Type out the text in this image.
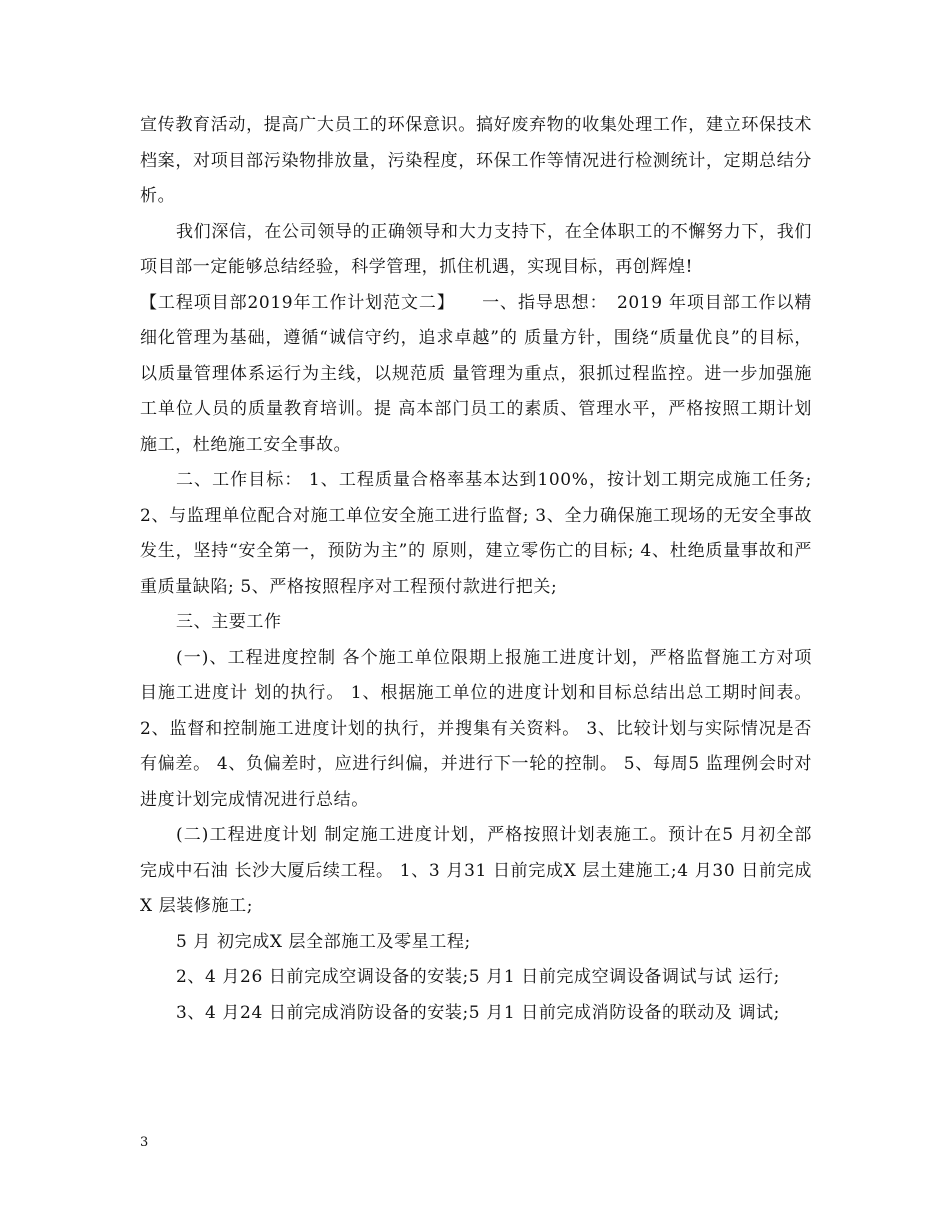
宣传教育活动，提高广大员工的环保意识。搞好废弃物的收集处理工作，建立环保技术档案，对项目部污染物排放量，污染程度，环保工作等情况进行检测统计，定期总结分析。

我们深信，在公司领导的正确领导和大力支持下，在全体职工的不懈努力下，我们项目部一定能够总结经验，科学管理，抓住机遇，实现目标，再创辉煌!

【工程项目部2019年工作计划范文二】　　一、指导思想：　2019 年项目部工作以精细化管理为基础，遵循“诚信守约，追求卓越”的 质量方针，围绕“质量优良”的目标，以质量管理体系运行为主线，以规范质 量管理为重点，狠抓过程监控。进一步加强施工单位人员的质量教育培训。提 高本部门员工的素质、管理水平，严格按照工期计划施工，杜绝施工安全事故。

二、工作目标： 1、工程质量合格率基本达到100%，按计划工期完成施工任务; 2、与监理单位配合对施工单位安全施工进行监督; 3、全力确保施工现场的无安全事故发生，坚持“安全第一，预防为主”的 原则，建立零伤亡的目标; 4、杜绝质量事故和严重质量缺陷; 5、严格按照程序对工程预付款进行把关;

三、主要工作

(一)、工程进度控制 各个施工单位限期上报施工进度计划，严格监督施工方对项目施工进度计 划的执行。 1、根据施工单位的进度计划和目标总结出总工期时间表。 2、监督和控制施工进度计划的执行，并搜集有关资料。 3、比较计划与实际情况是否有偏差。 4、负偏差时，应进行纠偏，并进行下一轮的控制。 5、每周5 监理例会时对进度计划完成情况进行总结。

(二)工程进度计划 制定施工进度计划，严格按照计划表施工。预计在5 月初全部完成中石油 长沙大厦后续工程。 1、3 月31 日前完成X 层土建施工;4 月30 日前完成X 层装修施工;

5 月 初完成X 层全部施工及零星工程;

2、4 月26 日前完成空调设备的安装;5 月1 日前完成空调设备调试与试 运行;

3、4 月24 日前完成消防设备的安装;5 月1 日前完成消防设备的联动及 调试;

3
